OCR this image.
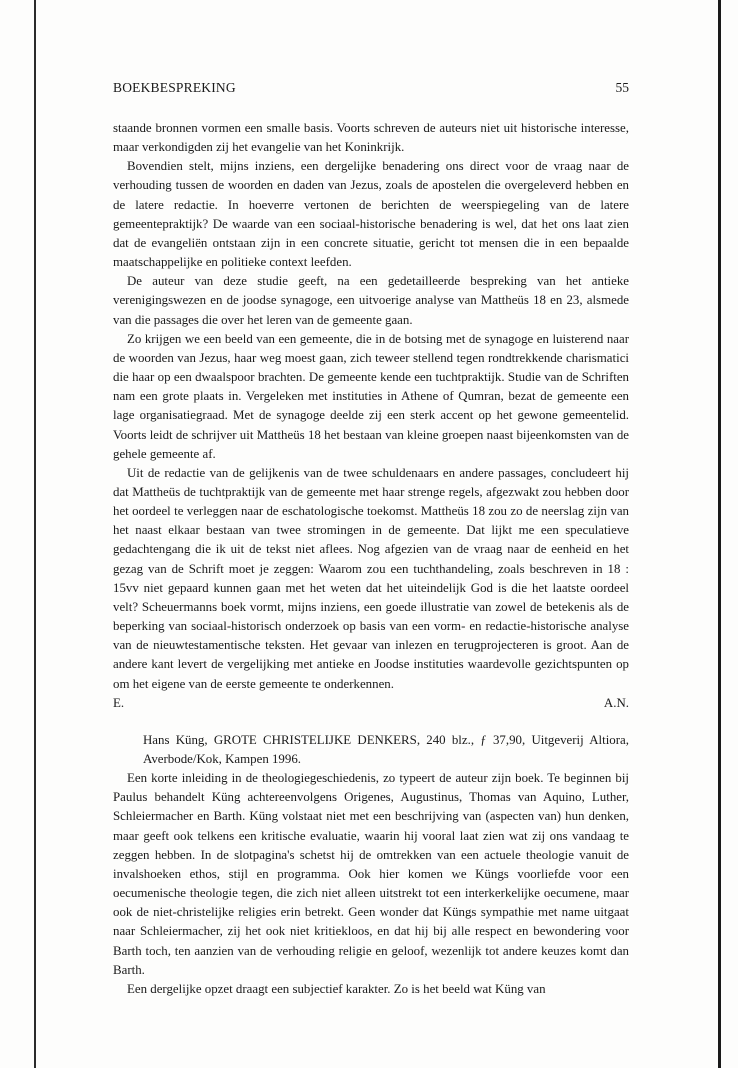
BOEKBESPREKING	55

staande bronnen vormen een smalle basis. Voorts schreven de auteurs niet uit historische interesse, maar verkondigden zij het evangelie van het Koninkrijk.

Bovendien stelt, mijns inziens, een dergelijke benadering ons direct voor de vraag naar de verhouding tussen de woorden en daden van Jezus, zoals de apostelen die overgeleverd hebben en de latere redactie. In hoeverre vertonen de berichten de weerspiegeling van de latere gemeentepraktijk? De waarde van een sociaal-historische benadering is wel, dat het ons laat zien dat de evangeliën ontstaan zijn in een concrete situatie, gericht tot mensen die in een bepaalde maatschappelijke en politieke context leefden.

De auteur van deze studie geeft, na een gedetailleerde bespreking van het antieke verenigingswezen en de joodse synagoge, een uitvoerige analyse van Mattheüs 18 en 23, alsmede van die passages die over het leren van de gemeente gaan.

Zo krijgen we een beeld van een gemeente, die in de botsing met de synagoge en luisterend naar de woorden van Jezus, haar weg moest gaan, zich teweer stellend tegen rondtrekkende charismatici die haar op een dwaalspoor brachten. De gemeente kende een tuchtpraktijk. Studie van de Schriften nam een grote plaats in. Vergeleken met instituties in Athene of Qumran, bezat de gemeente een lage organisatiegraad. Met de synagoge deelde zij een sterk accent op het gewone gemeentelid. Voorts leidt de schrijver uit Mattheüs 18 het bestaan van kleine groepen naast bijeenkomsten van de gehele gemeente af.

Uit de redactie van de gelijkenis van de twee schuldenaars en andere passages, concludeert hij dat Mattheüs de tuchtpraktijk van de gemeente met haar strenge regels, afgezwakt zou hebben door het oordeel te verleggen naar de eschatologische toekomst. Mattheüs 18 zou zo de neerslag zijn van het naast elkaar bestaan van twee stromingen in de gemeente. Dat lijkt me een speculatieve gedachtengang die ik uit de tekst niet aflees. Nog afgezien van de vraag naar de eenheid en het gezag van de Schrift moet je zeggen: Waarom zou een tuchthandeling, zoals beschreven in 18 : 15vv niet gepaard kunnen gaan met het weten dat het uiteindelijk God is die het laatste oordeel velt? Scheuermanns boek vormt, mijns inziens, een goede illustratie van zowel de betekenis als de beperking van sociaal-historisch onderzoek op basis van een vorm- en redactie-historische analyse van de nieuwtestamentische teksten. Het gevaar van inlezen en terugprojecteren is groot. Aan de andere kant levert de vergelijking met antieke en Joodse instituties waardevolle gezichtspunten op om het eigene van de eerste gemeente te onderkennen.

E.	A.N.

Hans Küng, GROTE CHRISTELIJKE DENKERS, 240 blz., ƒ 37,90, Uitgeverij Altiora, Averbode/Kok, Kampen 1996.

Een korte inleiding in de theologiegeschiedenis, zo typeert de auteur zijn boek. Te beginnen bij Paulus behandelt Küng achtereenvolgens Origenes, Augustinus, Thomas van Aquino, Luther, Schleiermacher en Barth. Küng volstaat niet met een beschrijving van (aspecten van) hun denken, maar geeft ook telkens een kritische evaluatie, waarin hij vooral laat zien wat zij ons vandaag te zeggen hebben. In de slotpagina's schetst hij de omtrekken van een actuele theologie vanuit de invalshoeken ethos, stijl en programma. Ook hier komen we Küngs voorliefde voor een oecumenische theologie tegen, die zich niet alleen uitstrekt tot een interkerkelijke oecumene, maar ook de niet-christelijke religies erin betrekt. Geen wonder dat Küngs sympathie met name uitgaat naar Schleiermacher, zij het ook niet kritiekloos, en dat hij bij alle respect en bewondering voor Barth toch, ten aanzien van de verhouding religie en geloof, wezenlijk tot andere keuzes komt dan Barth.

Een dergelijke opzet draagt een subjectief karakter. Zo is het beeld wat Küng van
